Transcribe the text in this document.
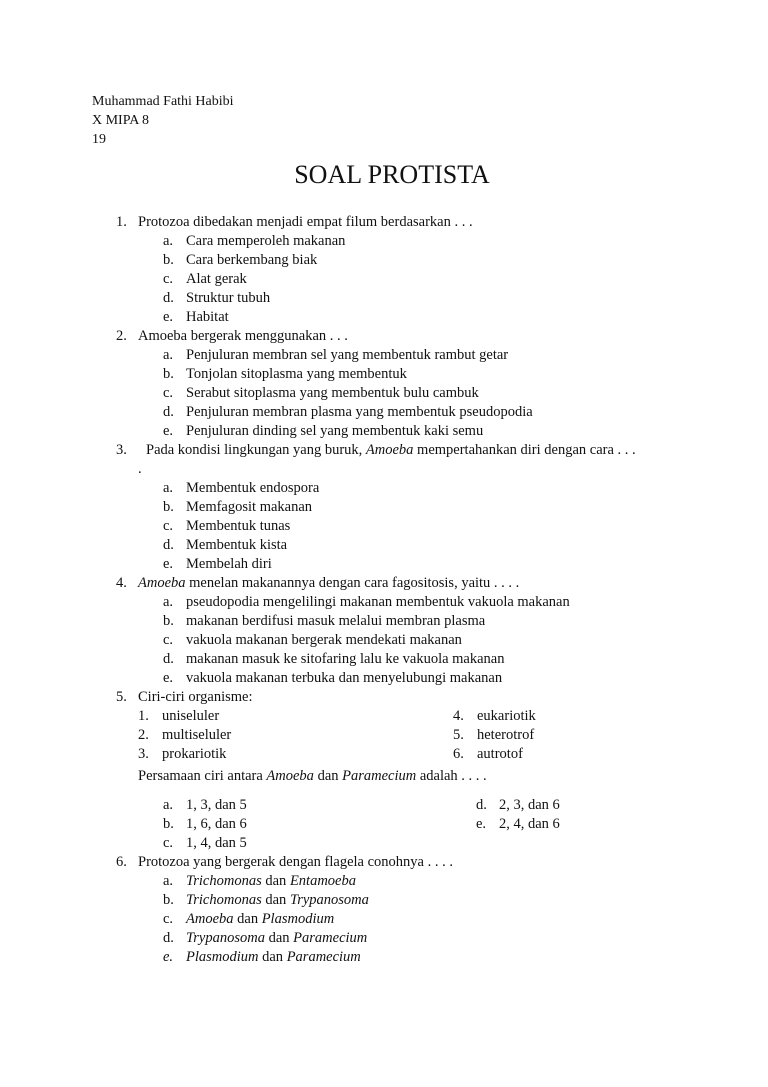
Muhammad Fathi Habibi
X MIPA 8
19
SOAL PROTISTA
1. Protozoa dibedakan menjadi empat filum berdasarkan . . .
a. Cara memperoleh makanan
b. Cara berkembang biak
c. Alat gerak
d. Struktur tubuh
e. Habitat
2. Amoeba bergerak menggunakan . . .
a. Penjuluran membran sel yang membentuk rambut getar
b. Tonjolan sitoplasma yang membentuk
c. Serabut sitoplasma yang membentuk bulu cambuk
d. Penjuluran membran plasma yang membentuk pseudopodia
e. Penjuluran dinding sel yang membentuk kaki semu
3. Pada kondisi lingkungan yang buruk, Amoeba mempertahankan diri dengan cara . . .
.
a. Membentuk endospora
b. Memfagosit makanan
c. Membentuk tunas
d. Membentuk kista
e. Membelah diri
4. Amoeba menelan makanannya dengan cara fagositosis, yaitu . . . .
a. pseudopodia mengelilingi makanan membentuk vakuola makanan
b. makanan berdifusi masuk melalui membran plasma
c. vakuola makanan bergerak mendekati makanan
d. makanan masuk ke sitofaring lalu ke vakuola makanan
e. vakuola makanan terbuka dan menyelubungi makanan
5. Ciri-ciri organisme:
1. uniseluler
2. multiseluler
3. prokariotik
4. eukariotik
5. heterotrof
6. autrotof
Persamaan ciri antara Amoeba dan Paramecium adalah . . . .
a. 1, 3, dan 5
b. 1, 6, dan 6
c. 1, 4, dan 5
d. 2, 3, dan 6
e. 2, 4, dan 6
6. Protozoa yang bergerak dengan flagela conohnya . . . .
a. Trichomonas dan Entamoeba
b. Trichomonas dan Trypanosoma
c. Amoeba dan Plasmodium
d. Trypanosoma dan Paramecium
e. Plasmodium dan Paramecium
